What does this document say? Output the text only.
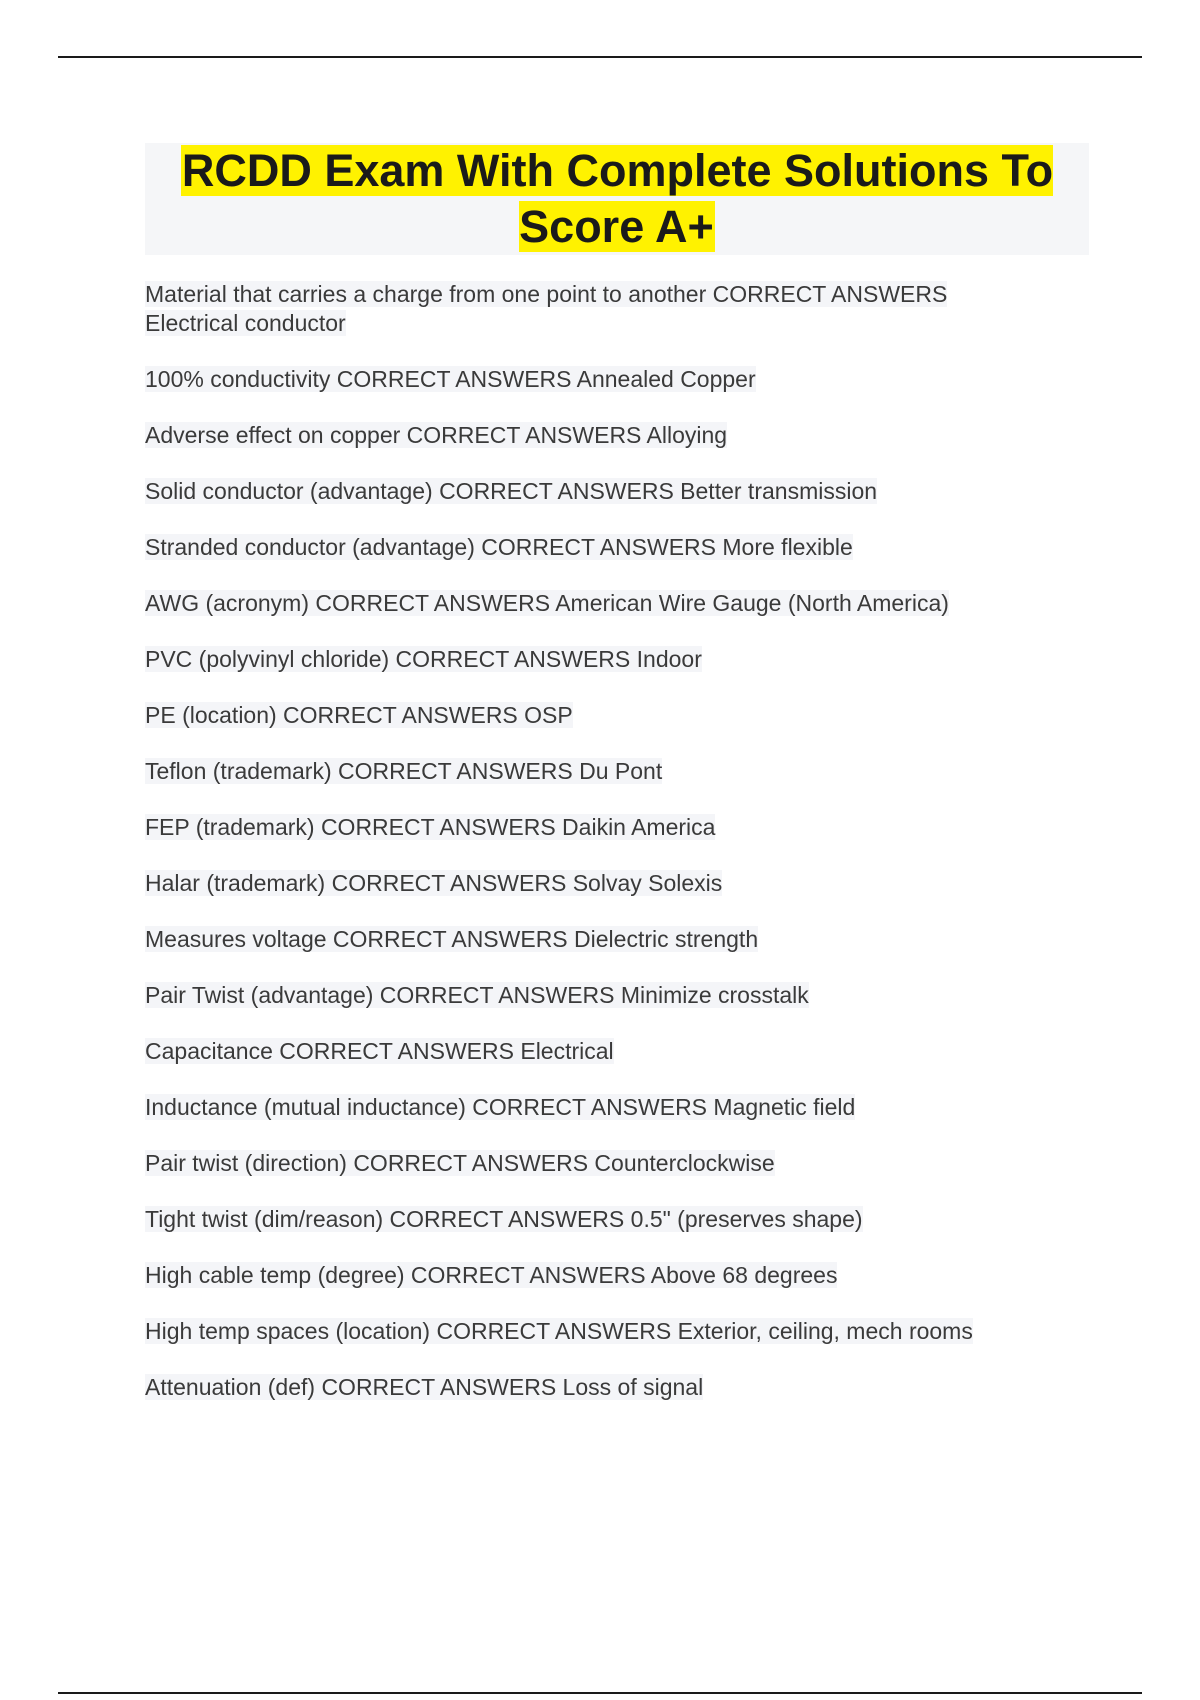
RCDD Exam With Complete Solutions To Score A+
Material that carries a charge from one point to another CORRECT ANSWERS Electrical conductor
100% conductivity CORRECT ANSWERS Annealed Copper
Adverse effect on copper CORRECT ANSWERS Alloying
Solid conductor (advantage) CORRECT ANSWERS Better transmission
Stranded conductor (advantage) CORRECT ANSWERS More flexible
AWG (acronym) CORRECT ANSWERS American Wire Gauge (North America)
PVC (polyvinyl chloride) CORRECT ANSWERS Indoor
PE (location) CORRECT ANSWERS OSP
Teflon (trademark) CORRECT ANSWERS Du Pont
FEP (trademark) CORRECT ANSWERS Daikin America
Halar (trademark) CORRECT ANSWERS Solvay Solexis
Measures voltage CORRECT ANSWERS Dielectric strength
Pair Twist (advantage) CORRECT ANSWERS Minimize crosstalk
Capacitance CORRECT ANSWERS Electrical
Inductance (mutual inductance) CORRECT ANSWERS Magnetic field
Pair twist (direction) CORRECT ANSWERS Counterclockwise
Tight twist (dim/reason) CORRECT ANSWERS 0.5" (preserves shape)
High cable temp (degree) CORRECT ANSWERS Above 68 degrees
High temp spaces (location) CORRECT ANSWERS Exterior, ceiling, mech rooms
Attenuation (def) CORRECT ANSWERS Loss of signal
